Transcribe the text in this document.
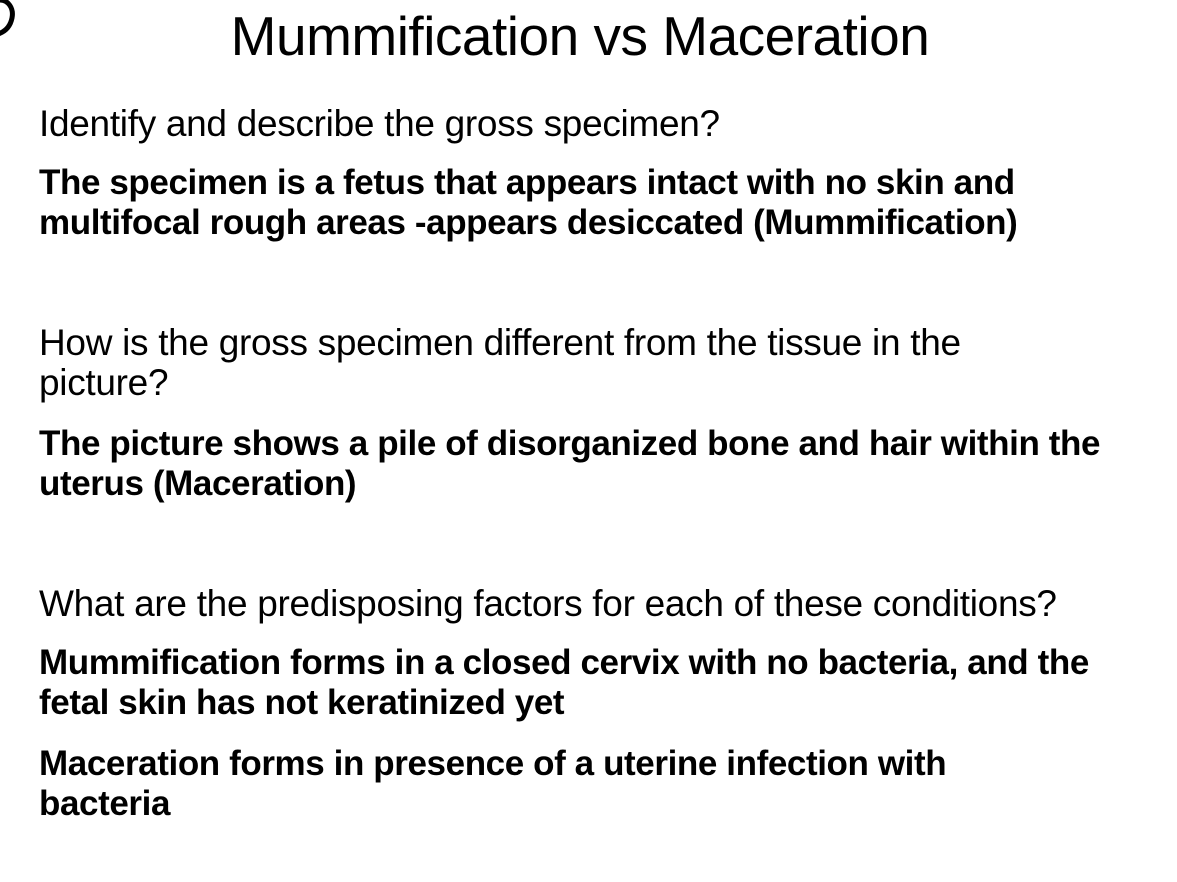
Mummification vs Maceration
Identify and describe the gross specimen?
The specimen is a fetus that appears intact with no skin and multifocal rough areas -appears desiccated (Mummification)
How is the gross specimen different from the tissue in the picture?
The picture shows a pile of disorganized bone and hair within the uterus (Maceration)
What are the predisposing factors for each of these conditions?
Mummification forms in a closed cervix with no bacteria, and the fetal skin has not keratinized yet
Maceration forms in presence of a uterine infection with bacteria
